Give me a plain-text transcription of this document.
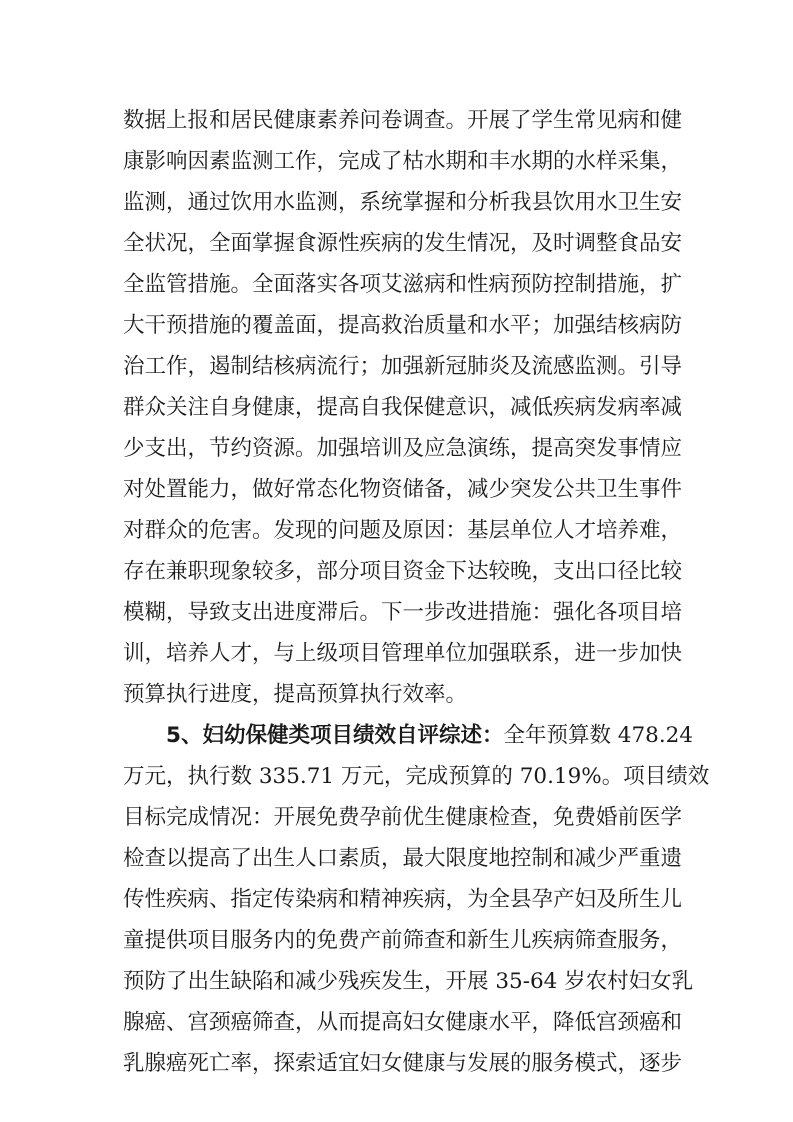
数据上报和居民健康素养问卷调查。开展了学生常见病和健
康影响因素监测工作，完成了枯水期和丰水期的水样采集，
监测，通过饮用水监测，系统掌握和分析我县饮用水卫生安
全状况，全面掌握食源性疾病的发生情况，及时调整食品安
全监管措施。全面落实各项艾滋病和性病预防控制措施，扩
大干预措施的覆盖面，提高救治质量和水平；加强结核病防
治工作，遏制结核病流行；加强新冠肺炎及流感监测。引导
群众关注自身健康，提高自我保健意识，减低疾病发病率减
少支出，节约资源。加强培训及应急演练，提高突发事情应
对处置能力，做好常态化物资储备，减少突发公共卫生事件
对群众的危害。发现的问题及原因：基层单位人才培养难，
存在兼职现象较多，部分项目资金下达较晚，支出口径比较
模糊，导致支出进度滞后。下一步改进措施：强化各项目培
训，培养人才，与上级项目管理单位加强联系，进一步加快
预算执行进度，提高预算执行效率。
5、妇幼保健类项目绩效自评综述：全年预算数 478.24
万元，执行数 335.71 万元，完成预算的 70.19%。项目绩效
目标完成情况：开展免费孕前优生健康检查，免费婚前医学
检查以提高了出生人口素质，最大限度地控制和减少严重遗
传性疾病、指定传染病和精神疾病，为全县孕产妇及所生儿
童提供项目服务内的免费产前筛查和新生儿疾病筛查服务，
预防了出生缺陷和减少残疾发生，开展 35-64 岁农村妇女乳
腺癌、宫颈癌筛查，从而提高妇女健康水平，降低宫颈癌和
乳腺癌死亡率，探索适宜妇女健康与发展的服务模式，逐步
